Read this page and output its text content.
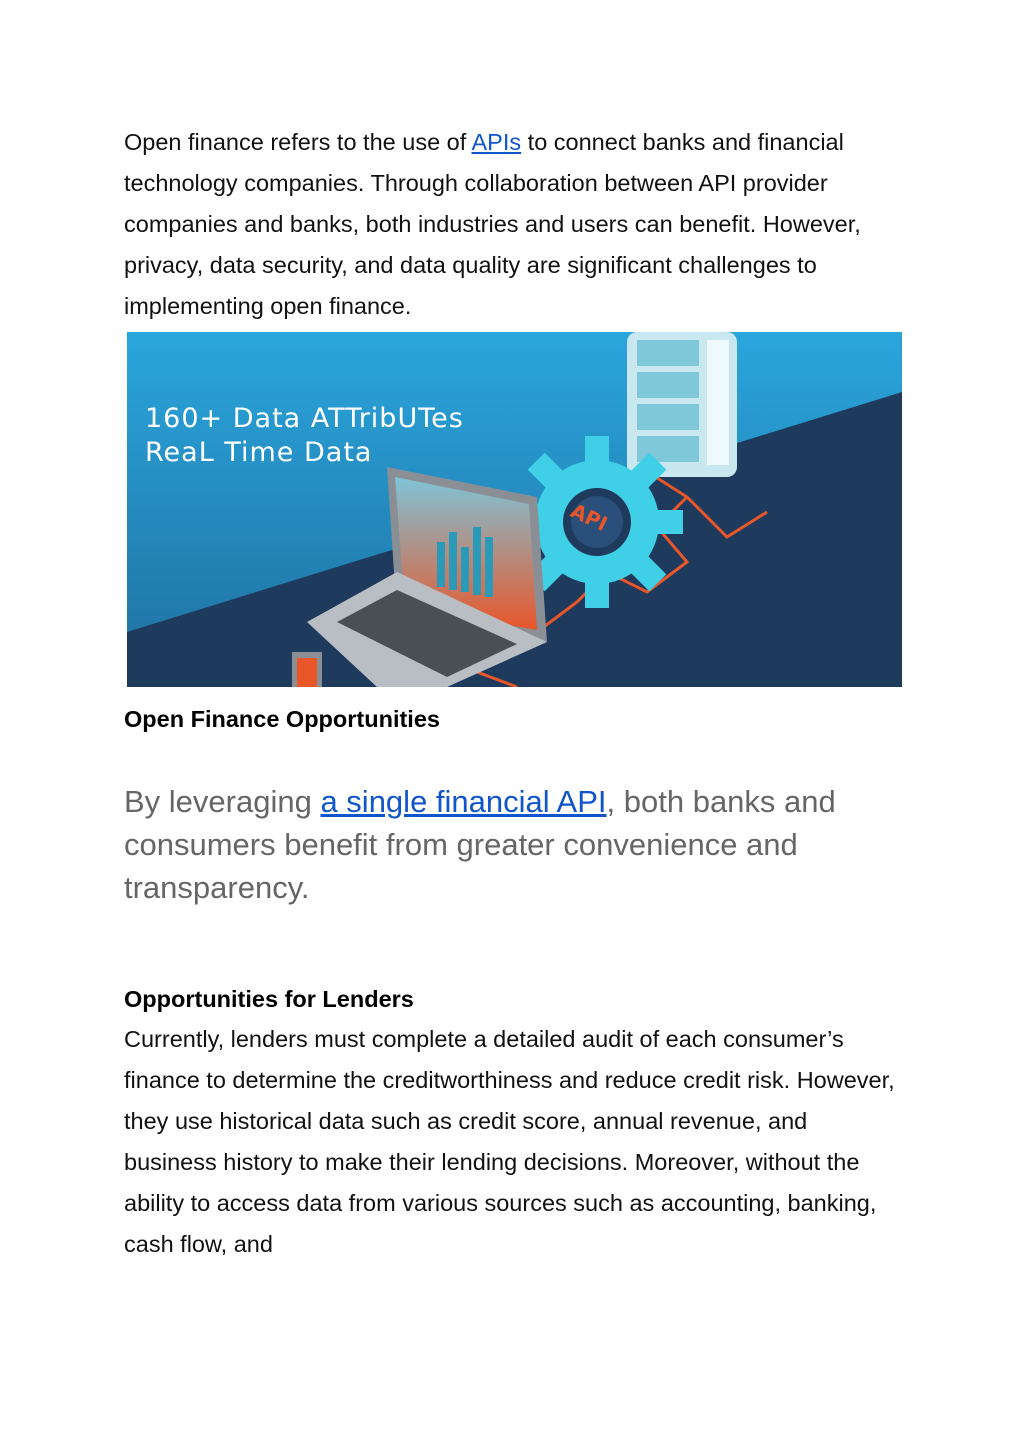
Open finance refers to the use of APIs to connect banks and financial technology companies. Through collaboration between API provider companies and banks, both industries and users can benefit. However, privacy, data security, and data quality are significant challenges to implementing open finance.

API

160+ Data ATTribUTes
ReaL Time Data

Open Finance Opportunities

By leveraging a single financial API, both banks and consumers benefit from greater convenience and transparency.

Opportunities for Lenders

Currently, lenders must complete a detailed audit of each consumer’s finance to determine the creditworthiness and reduce credit risk. However, they use historical data such as credit score, annual revenue, and business history to make their lending decisions. Moreover, without the ability to access data from various sources such as accounting, banking, cash flow, and
